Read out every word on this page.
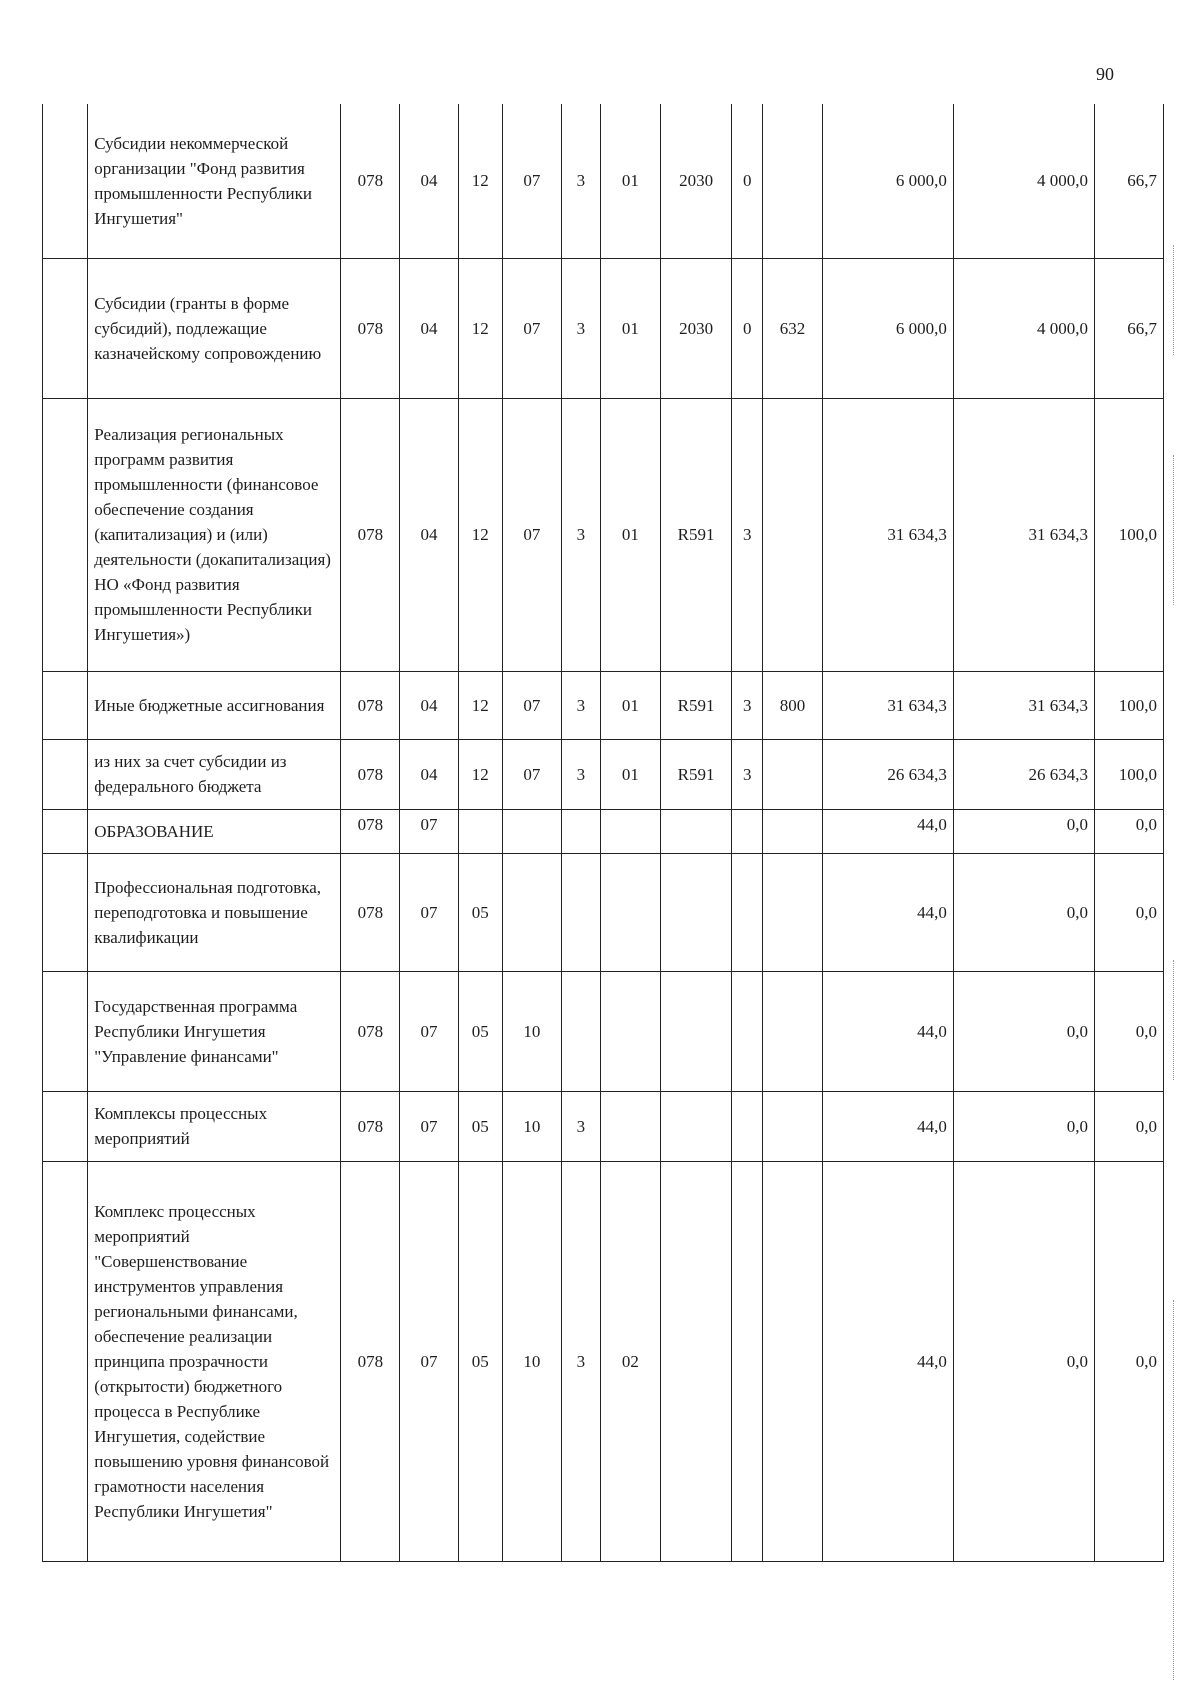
90
	Субсидии некоммерческой организации "Фонд развития промышленности Республики Ингушетия"	078	04	12	07	3	01	2030	0		6 000,0	4 000,0	66,7
	Субсидии (гранты в форме субсидий), подлежащие казначейскому сопровождению	078	04	12	07	3	01	2030	0	632	6 000,0	4 000,0	66,7
	Реализация региональных программ развития промышленности (финансовое обеспечение создания (капитализация) и (или) деятельности (докапитализация) НО «Фонд развития промышленности Республики Ингушетия»)	078	04	12	07	3	01	R591	3		31 634,3	31 634,3	100,0
	Иные бюджетные ассигнования	078	04	12	07	3	01	R591	3	800	31 634,3	31 634,3	100,0
	из них за счет субсидии из федерального бюджета	078	04	12	07	3	01	R591	3		26 634,3	26 634,3	100,0
	ОБРАЗОВАНИЕ	078	07								44,0	0,0	0,0
	Профессиональная подготовка, переподготовка и повышение квалификации	078	07	05							44,0	0,0	0,0
	Государственная программа Республики Ингушетия "Управление финансами"	078	07	05	10						44,0	0,0	0,0
	Комплексы процессных мероприятий	078	07	05	10	3					44,0	0,0	0,0
	Комплекс процессных мероприятий "Совершенствование инструментов управления региональными финансами, обеспечение реализации принципа прозрачности (открытости) бюджетного процесса в Республике Ингушетия, содействие повышению уровня финансовой грамотности населения Республики Ингушетия"	078	07	05	10	3	02				44,0	0,0	0,0
